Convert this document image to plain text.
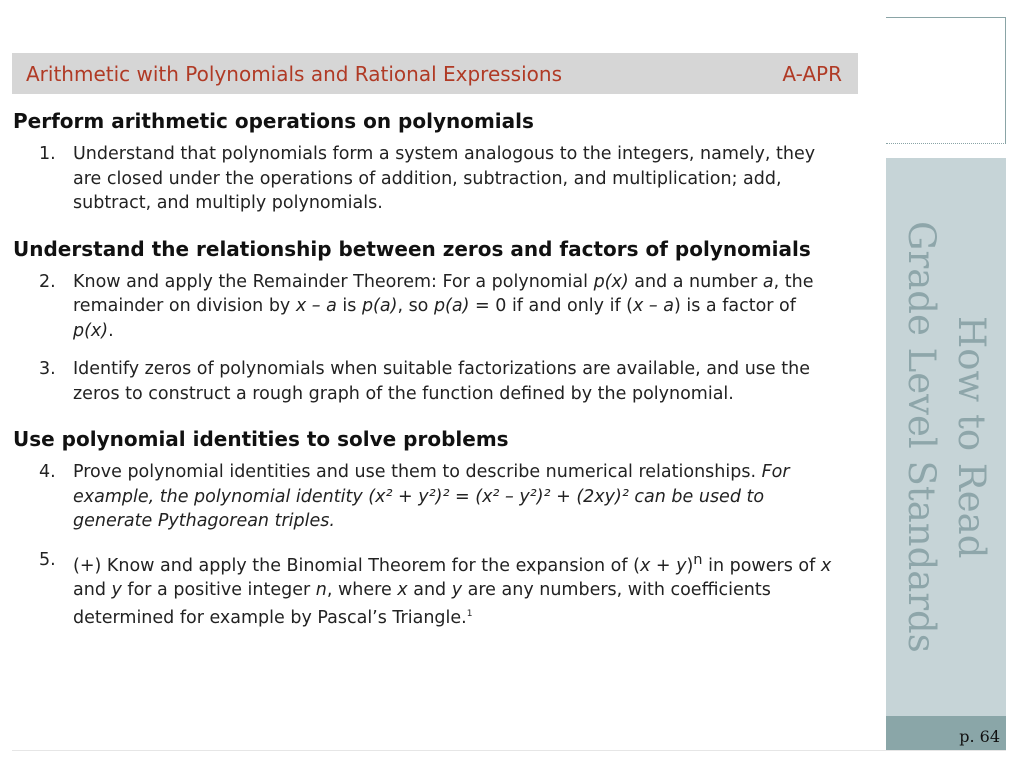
Arithmetic with Polynomials and Rational Expressions	A-APR
Perform arithmetic operations on polynomials
1. Understand that polynomials form a system analogous to the integers, namely, they are closed under the operations of addition, subtraction, and multiplication; add, subtract, and multiply polynomials.
Understand the relationship between zeros and factors of polynomials
2. Know and apply the Remainder Theorem: For a polynomial p(x) and a number a, the remainder on division by x – a is p(a), so p(a) = 0 if and only if (x – a) is a factor of p(x).
3. Identify zeros of polynomials when suitable factorizations are available, and use the zeros to construct a rough graph of the function defined by the polynomial.
Use polynomial identities to solve problems
4. Prove polynomial identities and use them to describe numerical relationships. For example, the polynomial identity (x² + y²)² = (x² – y²)² + (2xy)² can be used to generate Pythagorean triples.
5. (+) Know and apply the Binomial Theorem for the expansion of $(x + y)^n$ in powers of x and y for a positive integer n, where x and y are any numbers, with coefficients determined for example by Pascal’s Triangle.$^1$
How to Read
Grade Level Standards
p. 64
